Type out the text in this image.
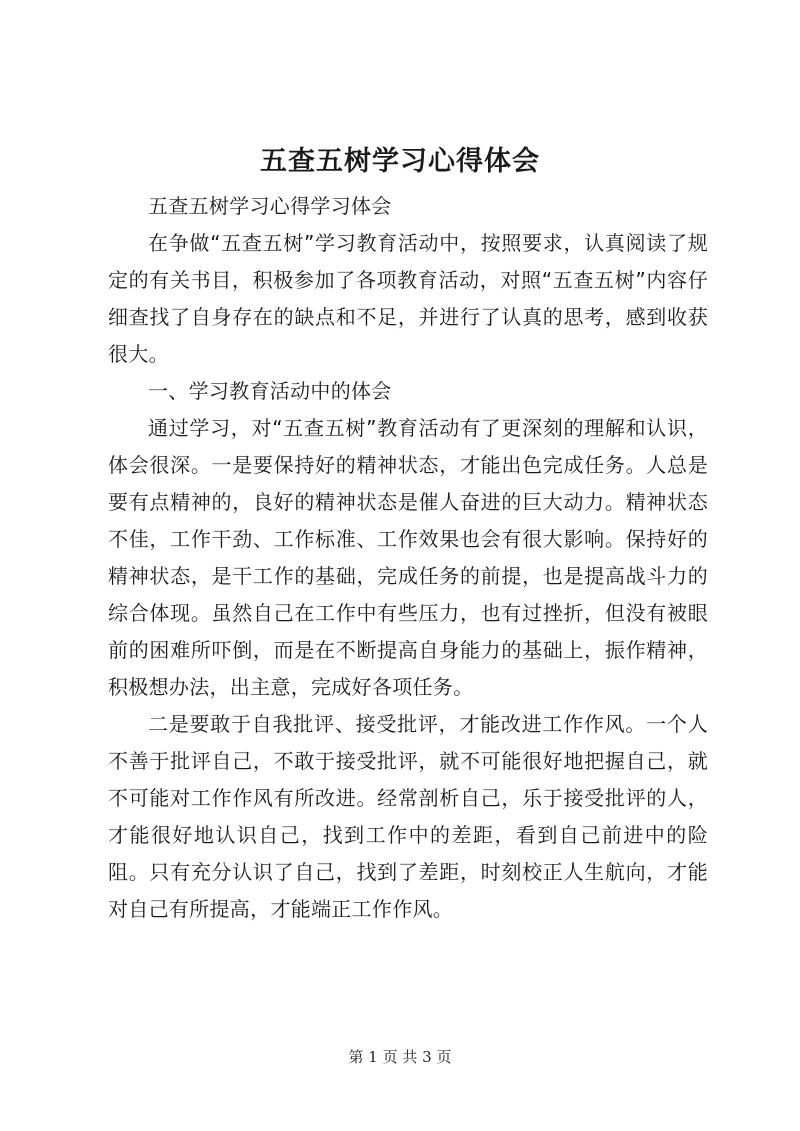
五查五树学习心得体会

五查五树学习心得学习体会

在争做“五查五树”学习教育活动中，按照要求，认真阅读了规定的有关书目，积极参加了各项教育活动，对照“五查五树”内容仔细查找了自身存在的缺点和不足，并进行了认真的思考，感到收获很大。

一、学习教育活动中的体会

通过学习，对“五查五树”教育活动有了更深刻的理解和认识，体会很深。一是要保持好的精神状态，才能出色完成任务。人总是要有点精神的，良好的精神状态是催人奋进的巨大动力。精神状态不佳，工作干劲、工作标准、工作效果也会有很大影响。保持好的精神状态，是干工作的基础，完成任务的前提，也是提高战斗力的综合体现。虽然自己在工作中有些压力，也有过挫折，但没有被眼前的困难所吓倒，而是在不断提高自身能力的基础上，振作精神，积极想办法，出主意，完成好各项任务。

二是要敢于自我批评、接受批评，才能改进工作作风。一个人不善于批评自己，不敢于接受批评，就不可能很好地把握自己，就不可能对工作作风有所改进。经常剖析自己，乐于接受批评的人，才能很好地认识自己，找到工作中的差距，看到自己前进中的险阻。只有充分认识了自己，找到了差距，时刻校正人生航向，才能对自己有所提高，才能端正工作作风。

第 1 页 共 3 页
